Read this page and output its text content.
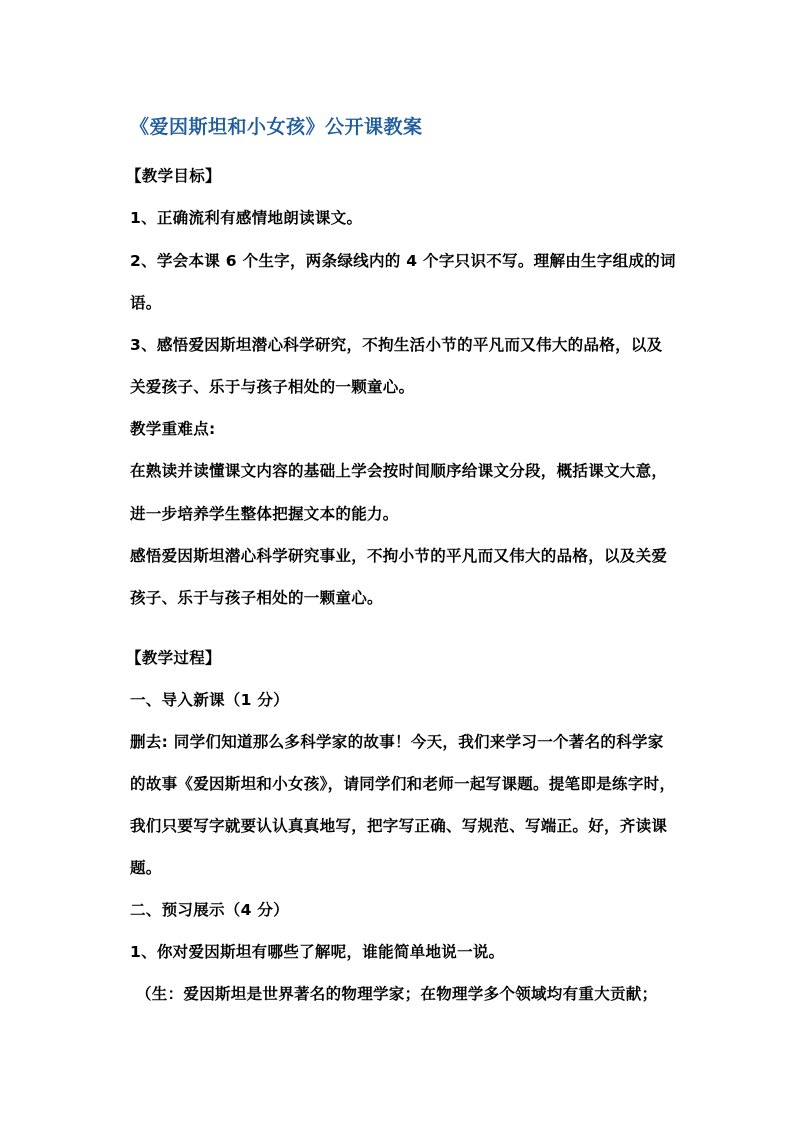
《爱因斯坦和小女孩》公开课教案
【教学目标】
1、正确流利有感情地朗读课文。
2、学会本课 6 个生字，两条绿线内的 4 个字只识不写。理解由生字组成的词
语。
3、感悟爱因斯坦潜心科学研究，不拘生活小节的平凡而又伟大的品格，以及
关爱孩子、乐于与孩子相处的一颗童心。
教学重难点:
在熟读并读懂课文内容的基础上学会按时间顺序给课文分段，概括课文大意，
进一步培养学生整体把握文本的能力。
感悟爱因斯坦潜心科学研究事业，不拘小节的平凡而又伟大的品格，以及关爱
孩子、乐于与孩子相处的一颗童心。
【教学过程】
一、导入新课（1 分）
删去: 同学们知道那么多科学家的故事！今天，我们来学习一个著名的科学家
的故事《爱因斯坦和小女孩》，请同学们和老师一起写课题。提笔即是练字时，
我们只要写字就要认认真真地写，把字写正确、写规范、写端正。好，齐读课
题。
二、预习展示（4 分）
1、你对爱因斯坦有哪些了解呢，谁能简单地说一说。
（生：爱因斯坦是世界著名的物理学家；在物理学多个领域均有重大贡献；
